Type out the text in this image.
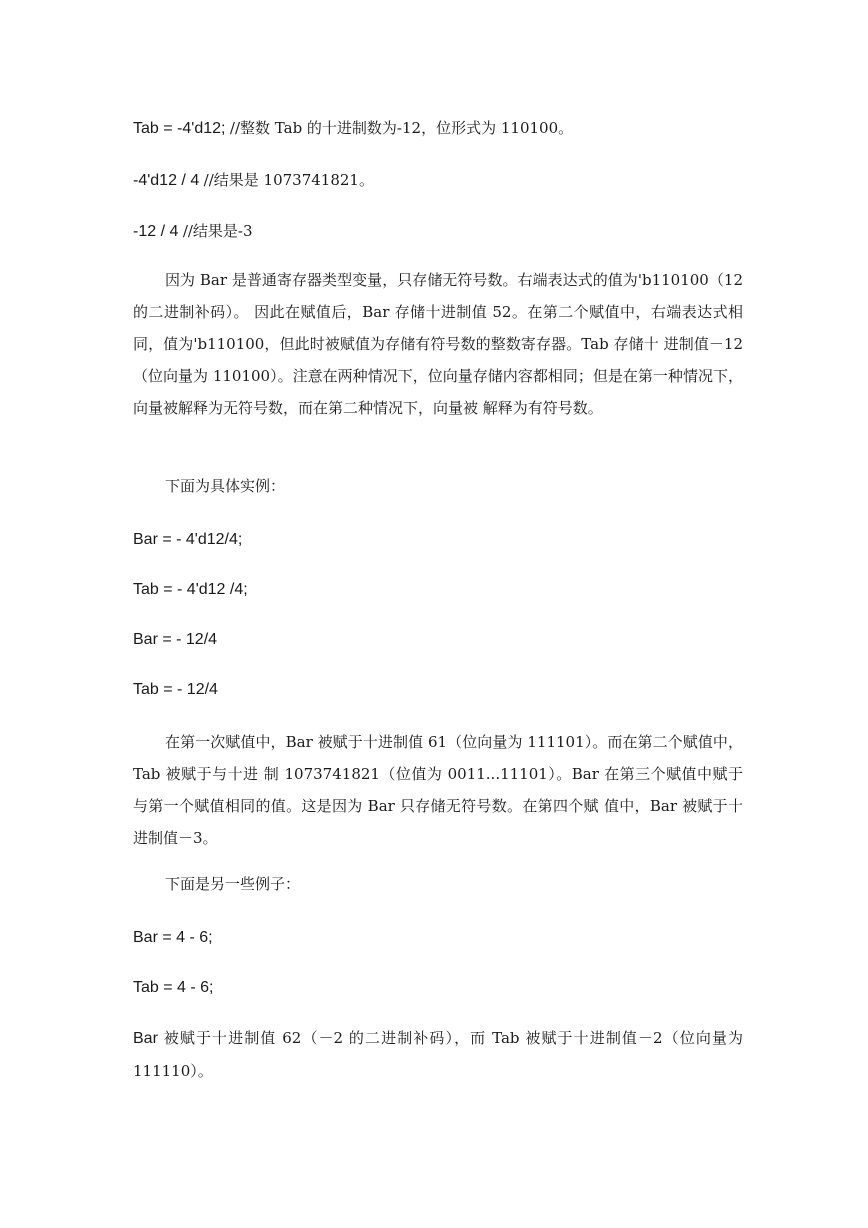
Tab = -4'd12; //整数 Tab 的十进制数为-12，位形式为 110100。
-4'd12 / 4 //结果是 1073741821。
-12 / 4 //结果是-3
因为 Bar 是普通寄存器类型变量，只存储无符号数。右端表达式的值为'b110100（12 的二进制补码）。 因此在赋值后，Bar 存储十进制值 52。在第二个赋值中，右端表达式相同，值为'b110100，但此时被赋值为存储有符号数的整数寄存器。Tab 存储十 进制值－12（位向量为 110100）。注意在两种情况下，位向量存储内容都相同；但是在第一种情况下，向量被解释为无符号数，而在第二种情况下，向量被 解释为有符号数。
下面为具体实例：
Bar = - 4'd12/4;
Tab = - 4'd12 /4;
Bar = - 12/4
Tab = - 12/4
在第一次赋值中，Bar 被赋于十进制值 61（位向量为 111101）。而在第二个赋值中，Tab 被赋于与十进 制 1073741821（位值为 0011...11101）。Bar 在第三个赋值中赋于与第一个赋值相同的值。这是因为 Bar 只存储无符号数。在第四个赋 值中，Bar 被赋于十进制值－3。
下面是另一些例子：
Bar = 4 - 6;
Tab = 4 - 6;
Bar 被赋于十进制值 62（－2 的二进制补码），而 Tab 被赋于十进制值－2（位向量为 111110）。
